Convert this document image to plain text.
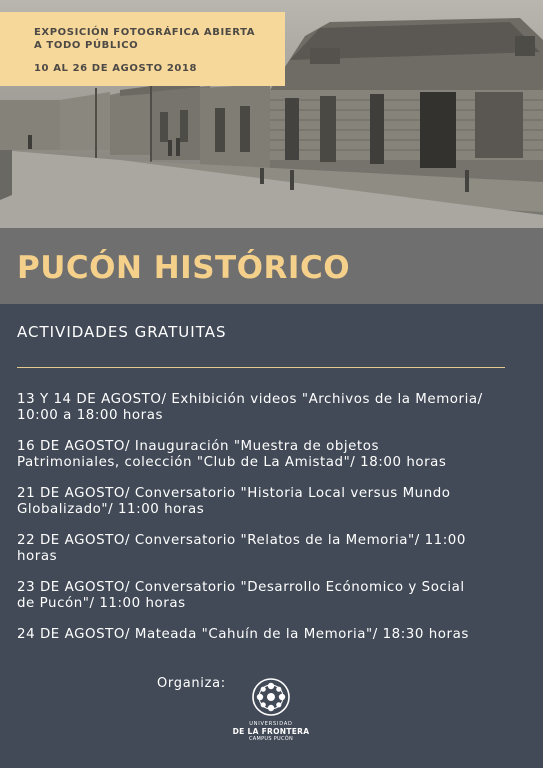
EXPOSICIÓN FOTOGRÁFICA ABIERTA
A TODO PÚBLICO
10 AL 26 DE AGOSTO 2018
PUCÓN HISTÓRICO
ACTIVIDADES GRATUITAS
13 Y 14 DE AGOSTO/ Exhibición videos "Archivos de la Memoria/
10:00 a 18:00 horas
16 DE AGOSTO/ Inauguración "Muestra de objetos
Patrimoniales, colección "Club de La Amistad"/ 18:00 horas
21 DE AGOSTO/ Conversatorio "Historia Local versus Mundo
Globalizado"/ 11:00 horas
22 DE AGOSTO/ Conversatorio "Relatos de la Memoria"/ 11:00
horas
23 DE AGOSTO/ Conversatorio "Desarrollo Ecónomico y Social
de Pucón"/ 11:00 horas
24 DE AGOSTO/ Mateada "Cahuín de la Memoria"/ 18:30 horas
Organiza:
UNIVERSIDAD
DE LA FRONTERA
CAMPUS PUCÓN
